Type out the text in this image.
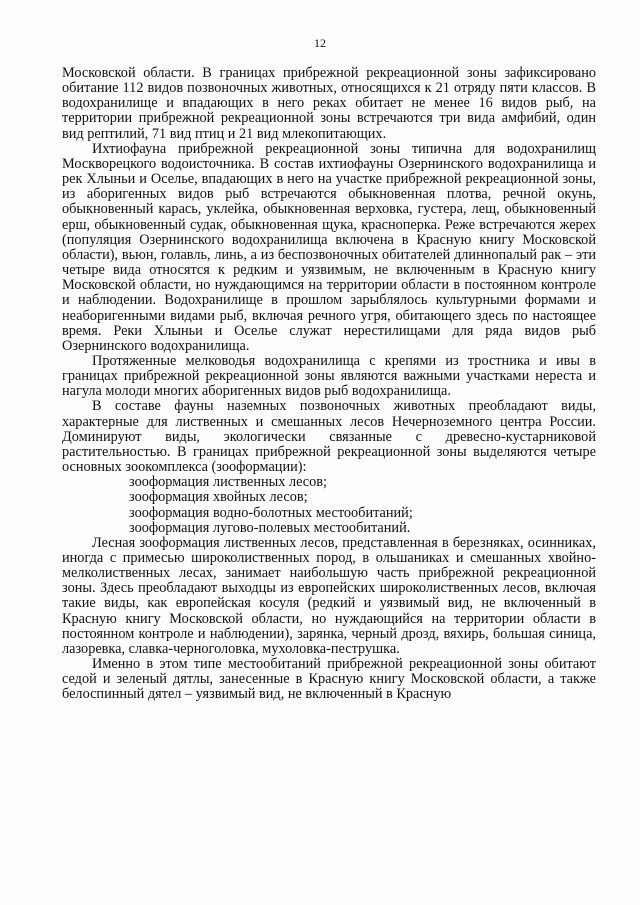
12

Московской области. В границах прибрежной рекреационной зоны зафиксировано обитание 112 видов позвоночных животных, относящихся к 21 отряду пяти классов. В водохранилище и впадающих в него реках обитает не менее 16 видов рыб, на территории прибрежной рекреационной зоны встречаются три вида амфибий, один вид рептилий, 71 вид птиц и 21 вид млекопитающих.

Ихтиофауна прибрежной рекреационной зоны типична для водохранилищ Москворецкого водоисточника. В состав ихтиофауны Озернинского водохранилища и рек Хлыньи и Оселье, впадающих в него на участке прибрежной рекреационной зоны, из аборигенных видов рыб встречаются обыкновенная плотва, речной окунь, обыкновенный карась, уклейка, обыкновенная верховка, густера, лещ, обыкновенный ерш, обыкновенный судак, обыкновенная щука, красноперка. Реже встречаются жерех (популяция Озернинского водохранилища включена в Красную книгу Московской области), вьюн, голавль, линь, а из беспозвоночных обитателей длиннопалый рак – эти четыре вида относятся к редким и уязвимым, не включенным в Красную книгу Московской области, но нуждающимся на территории области в постоянном контроле и наблюдении. Водохранилище в прошлом зарыблялось культурными формами и неаборигенными видами рыб, включая речного угря, обитающего здесь по настоящее время. Реки Хлыньи и Оселье служат нерестилищами для ряда видов рыб Озернинского водохранилища.

Протяженные мелководья водохранилища с крепями из тростника и ивы в границах прибрежной рекреационной зоны являются важными участками нереста и нагула молоди многих аборигенных видов рыб водохранилища.

В составе фауны наземных позвоночных животных преобладают виды, характерные для лиственных и смешанных лесов Нечерноземного центра России. Доминируют виды, экологически связанные с древесно-кустарниковой растительностью. В границах прибрежной рекреационной зоны выделяются четыре основных зоокомплекса (зооформации):

зооформация лиственных лесов;
зооформация хвойных лесов;
зооформация водно-болотных местообитаний;
зооформация лугово-полевых местообитаний.

Лесная зооформация лиственных лесов, представленная в березняках, осинниках, иногда с примесью широколиственных пород, в ольшаниках и смешанных хвойно-мелколиственных лесах, занимает наибольшую часть прибрежной рекреационной зоны. Здесь преобладают выходцы из европейских широколиственных лесов, включая такие виды, как европейская косуля (редкий и уязвимый вид, не включенный в Красную книгу Московской области, но нуждающийся на территории области в постоянном контроле и наблюдении), зарянка, черный дрозд, вяхирь, большая синица, лазоревка, славка-черноголовка, мухоловка-пеструшка.

Именно в этом типе местообитаний прибрежной рекреационной зоны обитают седой и зеленый дятлы, занесенные в Красную книгу Московской области, а также белоспинный дятел – уязвимый вид, не включенный в Красную
